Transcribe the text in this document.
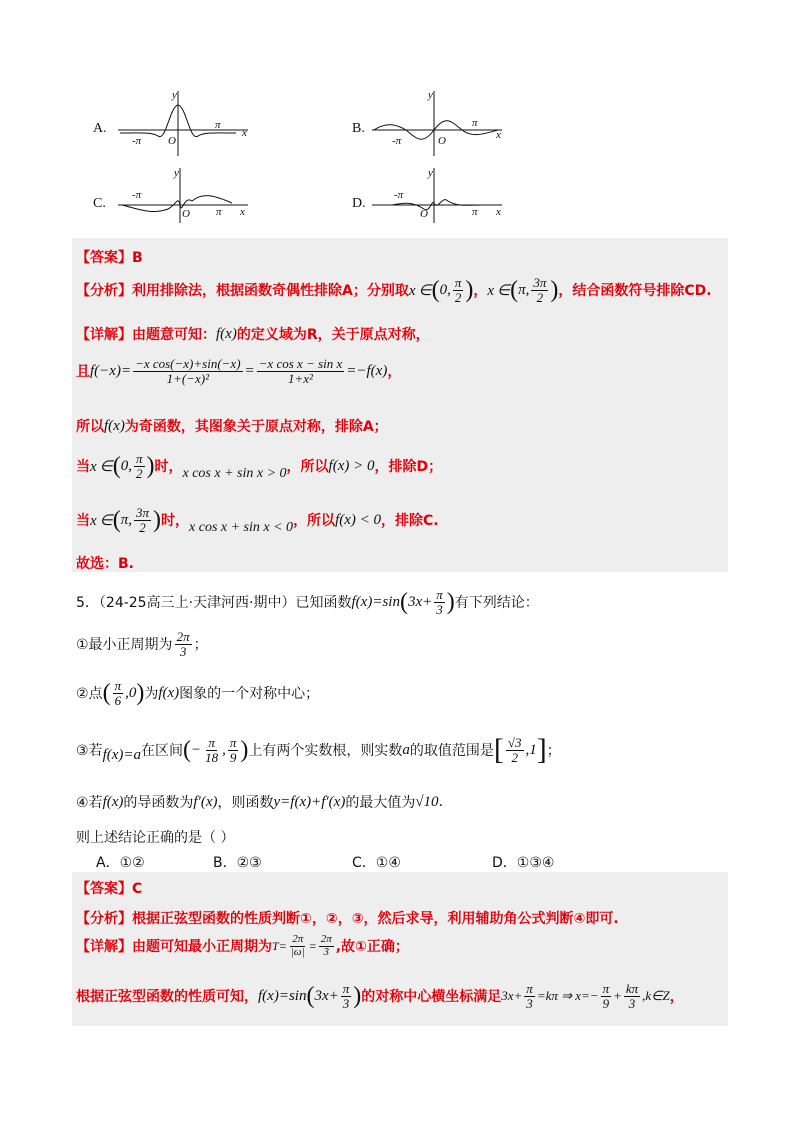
A.
y
x
-π
π
O
B.
y
x
-π
π
O
C.
y
x
-π
π
O
D.
y
x
-π
π
O
【答案】B
【分析】利用排除法，根据函数奇偶性排除A；分别取 x ∈ ( 0, $\frac{\pi}{2}$ ) ， x ∈ ( π, $\frac{3\pi}{2}$ ) ，结合函数符号排除CD.
【详解】由题意可知： f(x) 的定义域为R，关于原点对称，
且 $f(-x)= \frac{\text{−x cos(−x)+sin(−x)}}{\text{1+(−x)²}} = \frac{\text{−x cos x − sin x}}{\text{1+x²}} =-f(x)$ ，
所以 f(x) 为奇函数，其图象关于原点对称，排除A；
当 x ∈ ( 0, $\frac{\pi}{2}$ ) 时， x cos x + sin x > 0 ，所以 f(x) > 0 ，排除D；
当 x ∈ ( π, $\frac{3\pi}{2}$ ) 时， x cos x + sin x < 0 ，所以 f(x) < 0 ，排除C.
故选：B.
5．（24-25高三上·天津河西·期中）已知函数 f(x)=sin ( $3x+ \frac{\pi}{3}$ ) 有下列结论：
①最小正周期为 $\frac{2\pi}{3}$ ；
②点 ( $\frac{\pi}{6} ,0$ ) 为 f(x) 图象的一个对称中心；
③若 f(x)=a 在区间 ( − $\frac{\pi}{18}$ , $\frac{\pi}{9}$ ) 上有两个实数根，则实数 a 的取值范围是 [ $\frac{√3}{2} ,1$ ] ；
④若 f(x) 的导函数为 f′(x) ，则函数 y=f(x)+f′(x) 的最大值为 √10 .
则上述结论正确的是（ ）
A．①②	B．②③	C．①④	D．①③④
【答案】C
【分析】根据正弦型函数的性质判断①，②，③，然后求导，利用辅助角公式判断④即可.
【详解】由题可知最小正周期为 $T= \frac{2\pi}{|\omega|} = \frac{2\pi}{3}$ ,故①正确；
根据正弦型函数的性质可知， f(x)=sin ( $3x+ \frac{\pi}{3}$ ) 的对称中心横坐标满足 $3x+ \frac{\pi}{3} =k\pi$ ⇒ $x=- \frac{\pi}{9} + \frac{k\pi}{3}$ ,k∈Z ，
